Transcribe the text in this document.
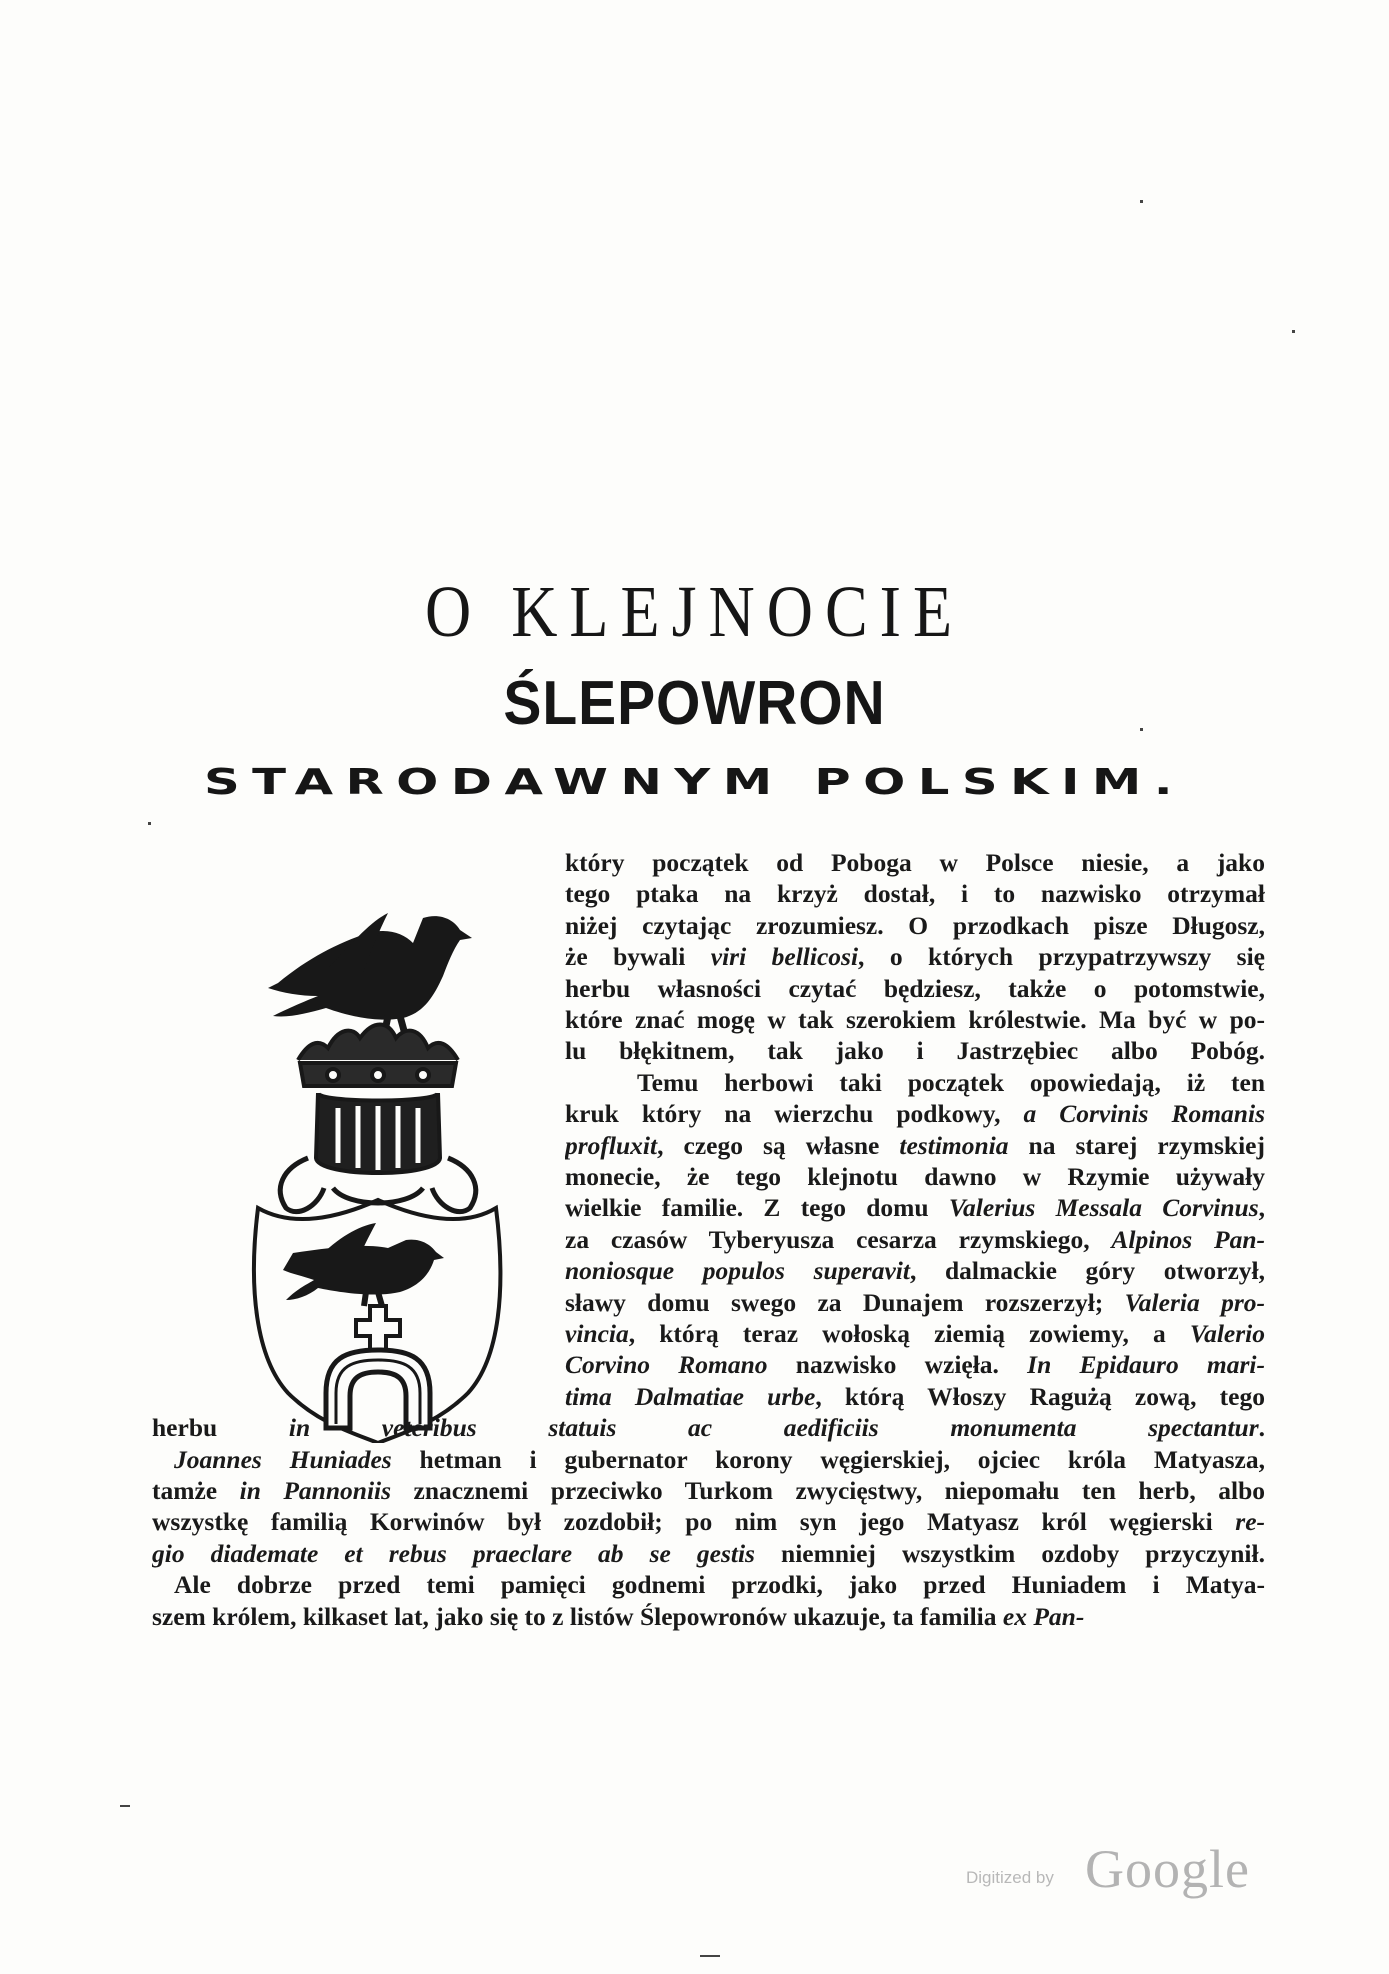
O KLEJNOCIE
ŚLEPOWRON
STARODAWNYM POLSKIM.

który początek od Poboga w Polsce niesie, a jako

tego ptaka na krzyż dostał, i to nazwisko otrzymał

niżej czytając zrozumiesz. O przodkach pisze Długosz,

że bywali viri bellicosi, o których przypatrzywszy się

herbu własności czytać będziesz, także o potomstwie,

które znać mogę w tak szerokiem królestwie. Ma być w po-

lu błękitnem, tak jako i Jastrzębiec albo Pobóg.

Temu herbowi taki początek opowiedają, iż ten

kruk który na wierzchu podkowy, a Corvinis Romanis

profluxit, czego są własne testimonia na starej rzymskiej

monecie, że tego klejnotu dawno w Rzymie używały

wielkie familie. Z tego domu Valerius Messala Corvinus,

za czasów Tyberyusza cesarza rzymskiego, Alpinos Pan-

noniosque populos superavit, dalmackie góry otworzył,

sławy domu swego za Dunajem rozszerzył; Valeria pro-

vincia, którą teraz wołoską ziemią zowiemy, a Valerio

Corvino Romano nazwisko wzięła. In Epidauro mari-

tima Dalmatiae urbe, którą Włoszy Ragużą zową, tego

herbu in veteribus statuis ac aedificiis monumenta spectantur.

Joannes Huniades hetman i gubernator korony węgierskiej, ojciec króla Matyasza,

tamże in Pannoniis znacznemi przeciwko Turkom zwycięstwy, niepomału ten herb, albo

wszystkę familią Korwinów był zozdobił; po nim syn jego Matyasz król węgierski re-

gio diademate et rebus praeclare ab se gestis niemniej wszystkim ozdoby przyczynił.

Ale dobrze przed temi pamięci godnemi przodki, jako przed Huniadem i Matya-

szem królem, kilkaset lat, jako się to z listów Ślepowronów ukazuje, ta familia ex Pan-

Digitized by Google
